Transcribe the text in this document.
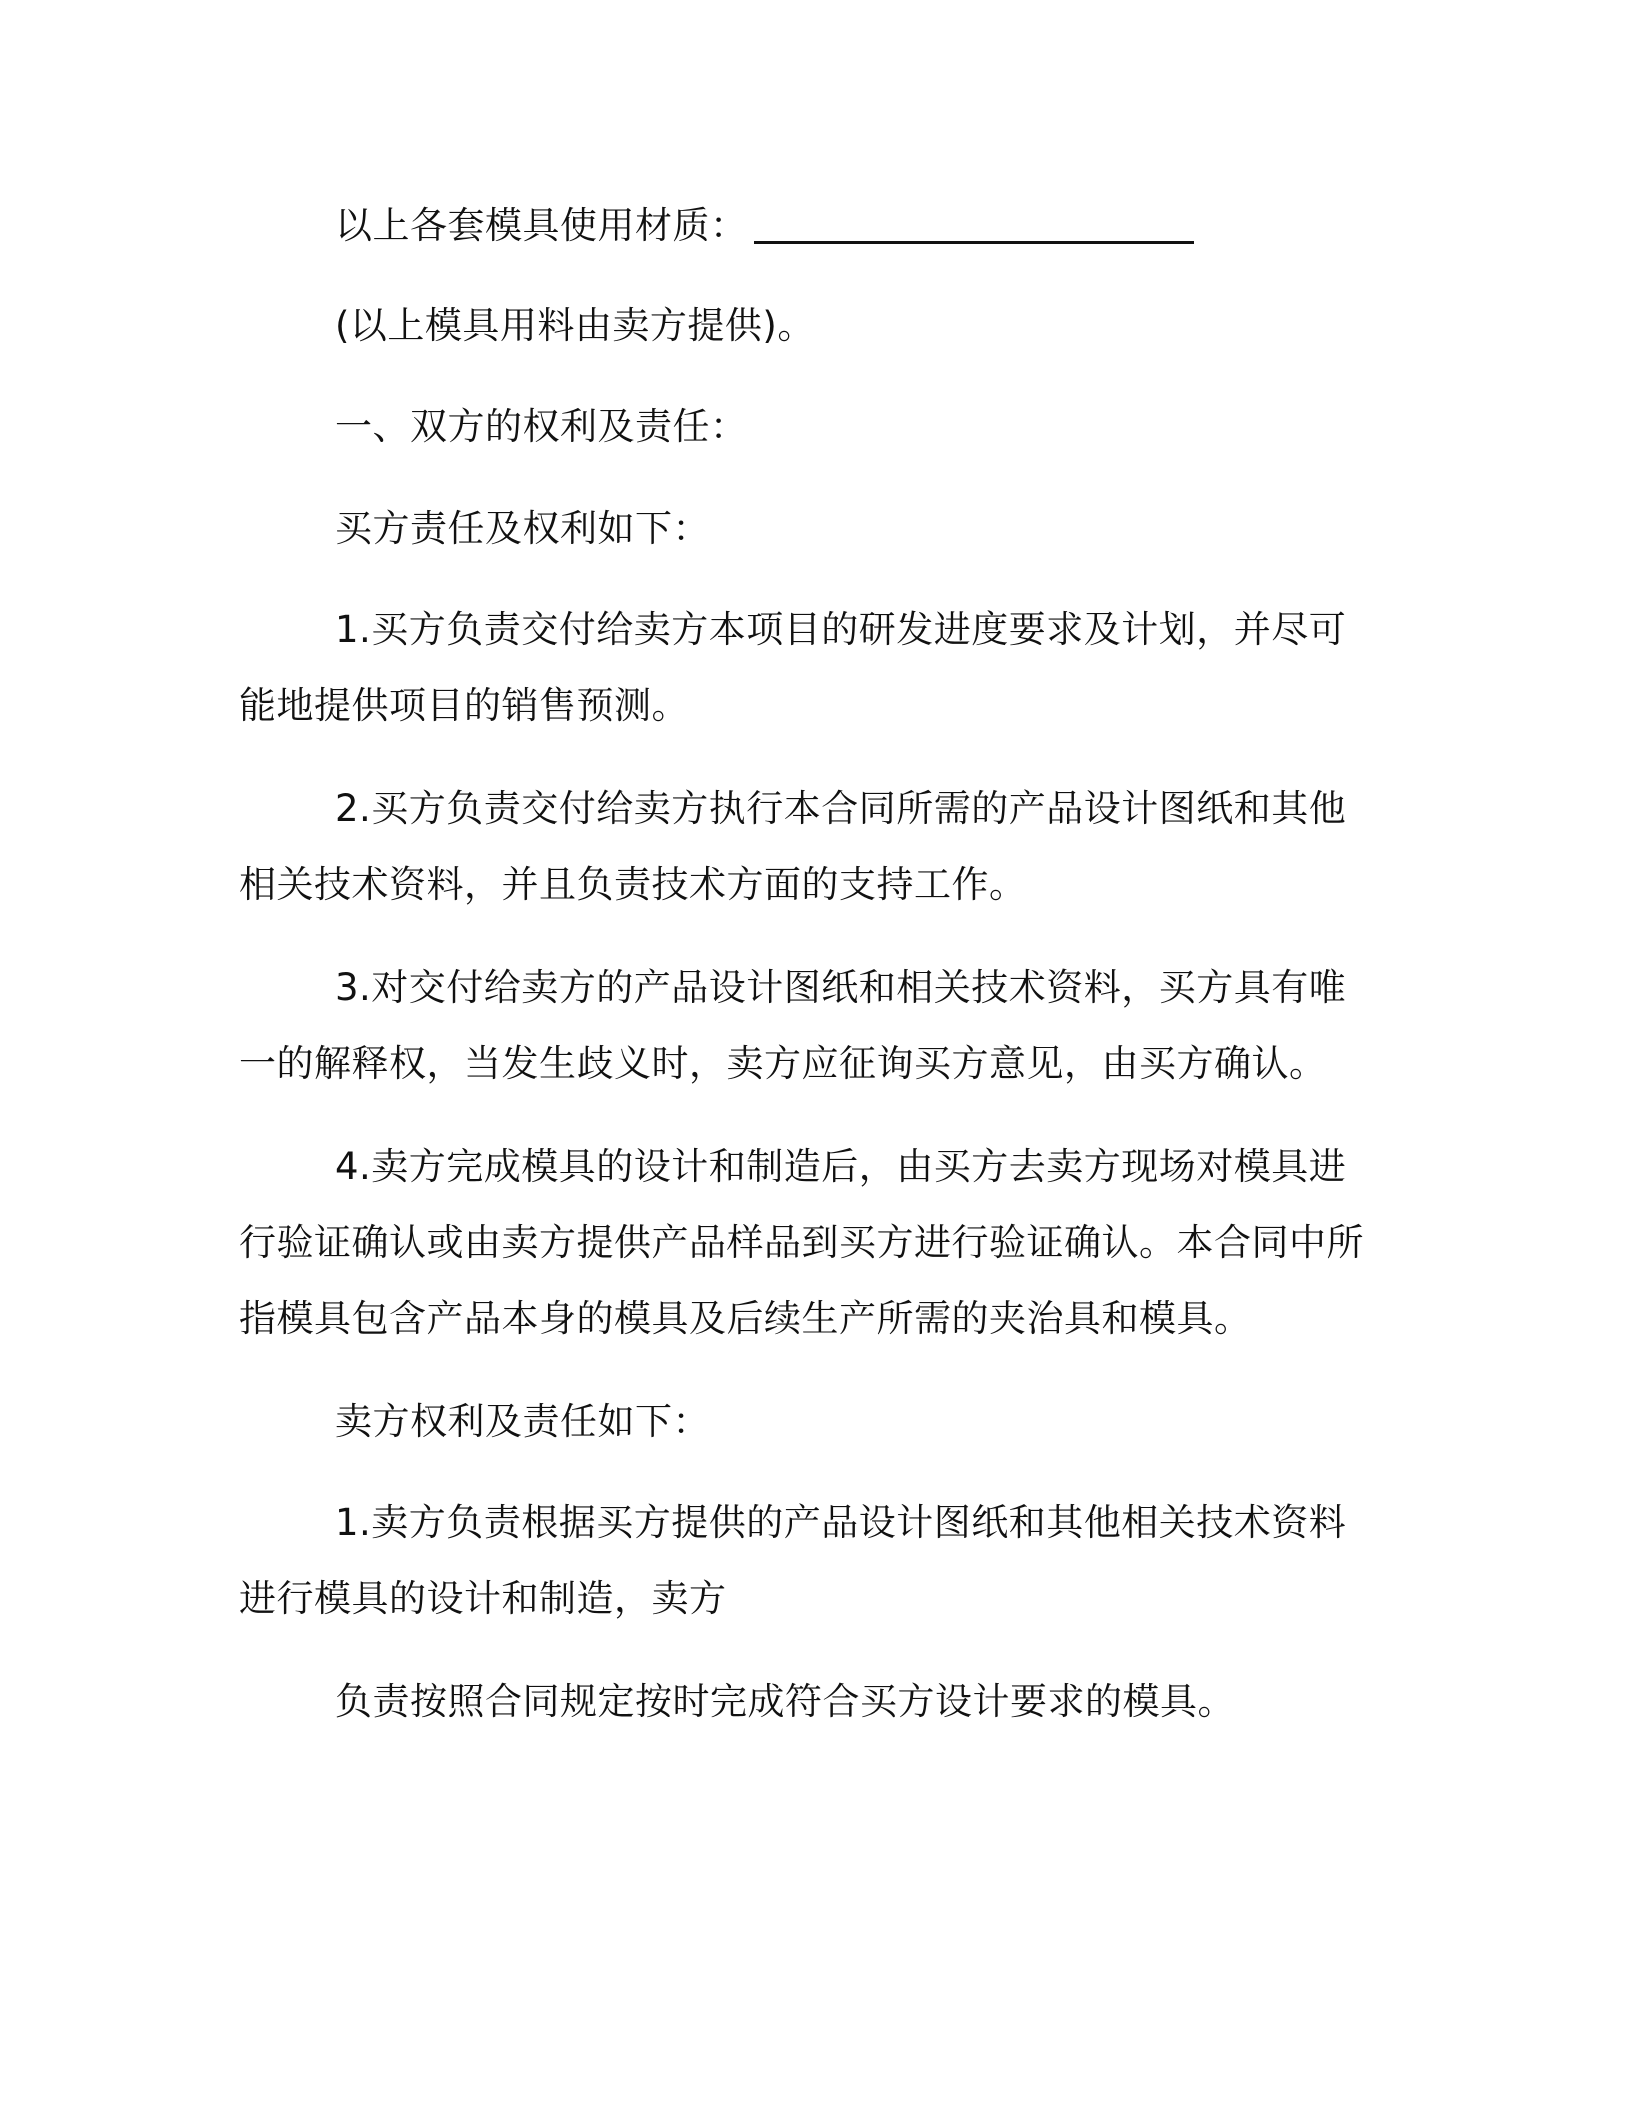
以上各套模具使用材质：

(以上模具用料由卖方提供)。

一、双方的权利及责任：

买方责任及权利如下：

1.买方负责交付给卖方本项目的研发进度要求及计划，并尽可能地提供项目的销售预测。

2.买方负责交付给卖方执行本合同所需的产品设计图纸和其他相关技术资料，并且负责技术方面的支持工作。

3.对交付给卖方的产品设计图纸和相关技术资料，买方具有唯一的解释权，当发生歧义时，卖方应征询买方意见，由买方确认。

4.卖方完成模具的设计和制造后，由买方去卖方现场对模具进行验证确认或由卖方提供产品样品到买方进行验证确认。本合同中所指模具包含产品本身的模具及后续生产所需的夹治具和模具。

卖方权利及责任如下：

1.卖方负责根据买方提供的产品设计图纸和其他相关技术资料进行模具的设计和制造，卖方

负责按照合同规定按时完成符合买方设计要求的模具。
